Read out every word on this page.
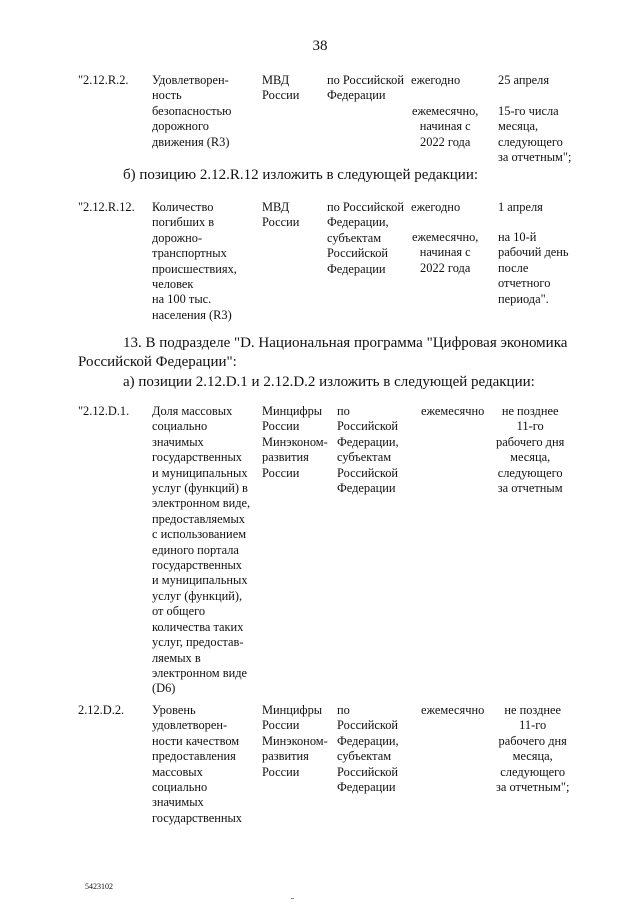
38
"2.12.R.2. Удовлетворен-
ность
безопасностью
дорожного
движения (R3)
МВД
России
по Российской
Федерации
ежегодно
ежемесячно,
начиная с
2022 года
25 апреля
15-го числа
месяца,
следующего
за отчетным";
б) позицию 2.12.R.12 изложить в следующей редакции:
"2.12.R.12. Количество
погибших в
дорожно-
транспортных
происшествиях,
человек
на 100 тыс.
населения (R3)
МВД
России
по Российской
Федерации,
субъектам
Российской
Федерации
ежегодно
ежемесячно,
начиная с
2022 года
1 апреля
на 10-й
рабочий день
после
отчетного
периода".
13. В подразделе "D. Национальная программа "Цифровая экономика
Российской Федерации":
а) позиции 2.12.D.1 и 2.12.D.2 изложить в следующей редакции:
"2.12.D.1. Доля массовых
социально
значимых
государственных
и муниципальных
услуг (функций) в
электронном виде,
предоставляемых
с использованием
единого портала
государственных
и муниципальных
услуг (функций),
от общего
количества таких
услуг, предостав-
ляемых в
электронном виде
(D6)
Минцифры
России
Минэконом-
развития
России
по
Российской
Федерации,
субъектам
Российской
Федерации
ежемесячно	не позднее
11-го
рабочего дня
месяца,
следующего
за отчетным
2.12.D.2. Уровень
удовлетворен-
ности качеством
предоставления
массовых
социально
значимых
государственных
Минцифры
России
Минэконом-
развития
России
по
Российской
Федерации,
субъектам
Российской
Федерации
ежемесячно	не позднее
11-го
рабочего дня
месяца,
следующего
за отчетным";
5423102
